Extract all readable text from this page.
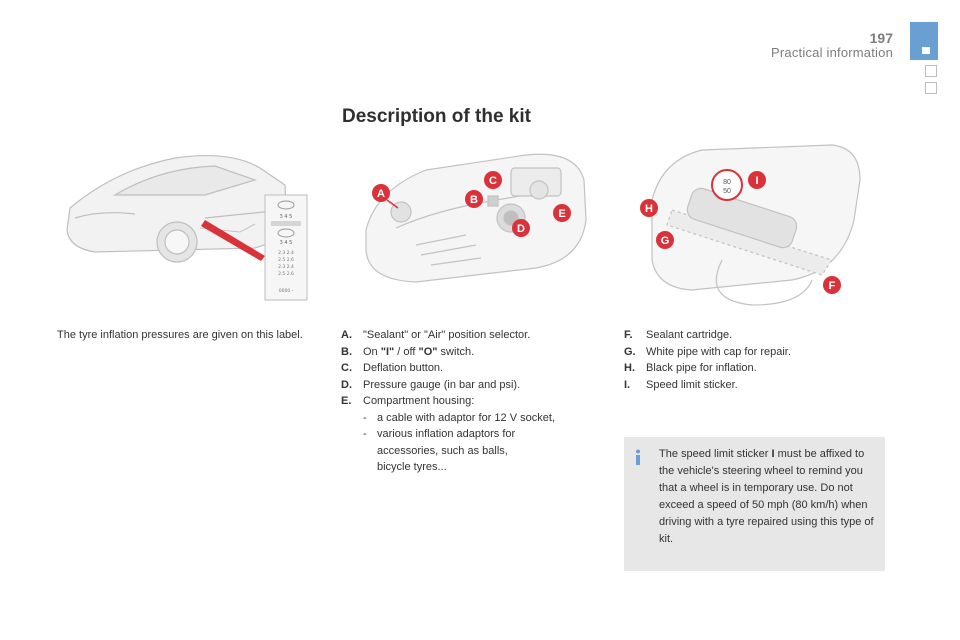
197
Practical information
Description of the kit
3 4 5
3 4 5
2.3 2.4
2.5 2.6
2.3 2.4
2.5 2.6
0000 -
A	B
C
D
E
80
50
F
G
H
I
The tyre inflation pressures are given on this label.	A.	"Sealant" or "Air" position selector.
B.	On "I" / off "O" switch.
C.	Deflation button.
D.	Pressure gauge (in bar and psi).
E.	Compartment housing:
- a cable with adaptor for 12 V socket,
- various inflation adaptors for
accessories, such as balls,
bicycle tyres...
F.	Sealant cartridge.
G. White pipe with cap for repair.
H.	Black pipe for inflation.
I.	Speed limit sticker.
The speed limit sticker I must be affixed to the vehicle's steering wheel to remind you that a wheel is in temporary use. Do not exceed a speed of 50 mph (80 km/h) when driving with a tyre repaired using this type of kit.
